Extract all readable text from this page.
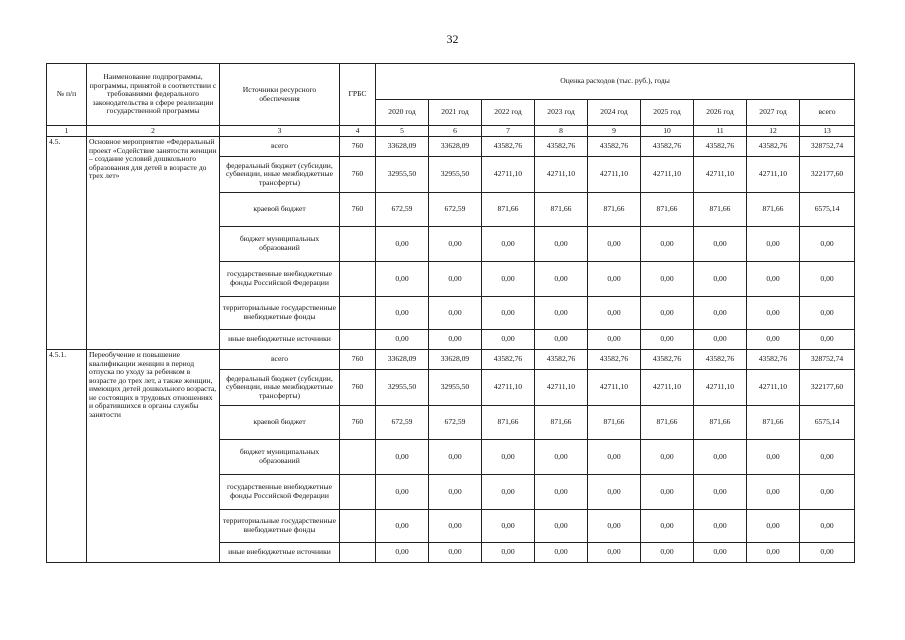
32
№ п/п	Наименование подпрограммы, программы, принятой в соответствии с требованиями федерального законодательства в сфере реализации государственной программы	Источники ресурсного обеспечения	ГРБС	Оценка расходов (тыс. руб.), годы								
				2020 год	2021 год	2022 год	2023 год	2024 год	2025 год	2026 год	2027 год	всего
1	2	3	4	5	6	7	8	9	10	11	12	13
4.5.	Основное мероприятие «Федеральный проект «Содействие занятости женщин – создание условий дошкольного образования для детей в возрасте до трех лет»	всего	760	33628,09	33628,09	43582,76	43582,76	43582,76	43582,76	43582,76	43582,76	328752,74
		федеральный бюджет (субсидии, субвенции, иные межбюджетные трансферты)	760	32955,50	32955,50	42711,10	42711,10	42711,10	42711,10	42711,10	42711,10	322177,60
		краевой бюджет	760	672,59	672,59	871,66	871,66	871,66	871,66	871,66	871,66	6575,14
		бюджет муниципальных образований		0,00	0,00	0,00	0,00	0,00	0,00	0,00	0,00	0,00
		государственные внебюджетные фонды Российской Федерации		0,00	0,00	0,00	0,00	0,00	0,00	0,00	0,00	0,00
		территориальные государственные внебюджетные фонды		0,00	0,00	0,00	0,00	0,00	0,00	0,00	0,00	0,00
		иные внебюджетные источники		0,00	0,00	0,00	0,00	0,00	0,00	0,00	0,00	0,00
4.5.1.	Переобучение и повышение квалификации женщин в период отпуска по уходу за ребенком в возрасте до трех лет, а также женщин, имеющих детей дошкольного возраста, не состоящих в трудовых отношениях и обратившихся в органы службы занятости	всего	760	33628,09	33628,09	43582,76	43582,76	43582,76	43582,76	43582,76	43582,76	328752,74
		федеральный бюджет (субсидии, субвенции, иные межбюджетные трансферты)	760	32955,50	32955,50	42711,10	42711,10	42711,10	42711,10	42711,10	42711,10	322177,60
		краевой бюджет	760	672,59	672,59	871,66	871,66	871,66	871,66	871,66	871,66	6575,14
		бюджет муниципальных образований		0,00	0,00	0,00	0,00	0,00	0,00	0,00	0,00	0,00
		государственные внебюджетные фонды Российской Федерации		0,00	0,00	0,00	0,00	0,00	0,00	0,00	0,00	0,00
		территориальные государственные внебюджетные фонды		0,00	0,00	0,00	0,00	0,00	0,00	0,00	0,00	0,00
		иные внебюджетные источники		0,00	0,00	0,00	0,00	0,00	0,00	0,00	0,00	0,00
